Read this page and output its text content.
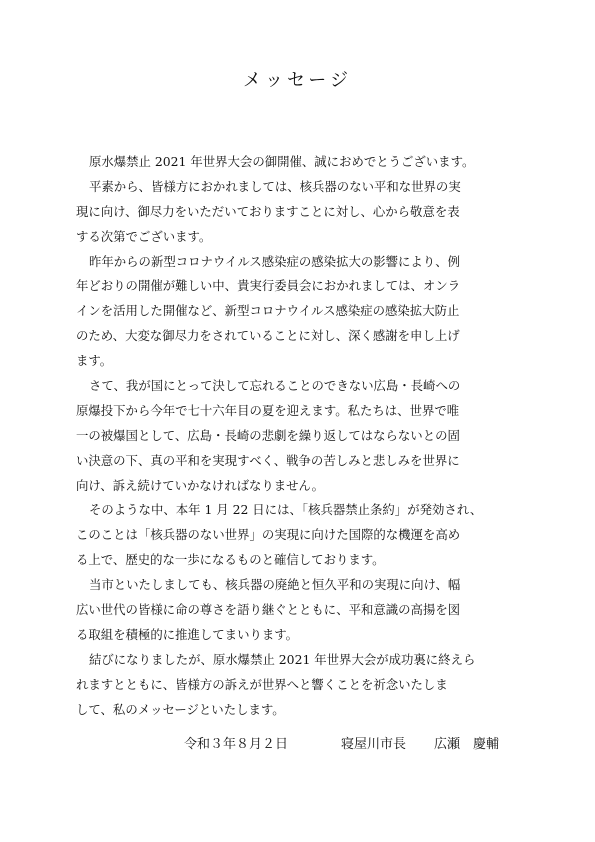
メッセージ
原水爆禁止 2021 年世界大会の御開催、誠におめでとうございます。
平素から、皆様方におかれましては、核兵器のない平和な世界の実
現に向け、御尽力をいただいておりますことに対し、心から敬意を表
する次第でございます。
昨年からの新型コロナウイルス感染症の感染拡大の影響により、例
年どおりの開催が難しい中、貴実行委員会におかれましては、オンラ
インを活用した開催など、新型コロナウイルス感染症の感染拡大防止
のため、大変な御尽力をされていることに対し、深く感謝を申し上げ
ます。
さて、我が国にとって決して忘れることのできない広島・長崎への
原爆投下から今年で七十六年目の夏を迎えます。私たちは、世界で唯
一の被爆国として、広島・長崎の悲劇を繰り返してはならないとの固
い決意の下、真の平和を実現すべく、戦争の苦しみと悲しみを世界に
向け、訴え続けていかなければなりません。
そのような中、本年 1 月 22 日には、「核兵器禁止条約」が発効され、
このことは「核兵器のない世界」の実現に向けた国際的な機運を高め
る上で、歴史的な一歩になるものと確信しております。
当市といたしましても、核兵器の廃絶と恒久平和の実現に向け、幅
広い世代の皆様に命の尊さを語り継ぐとともに、平和意識の高揚を図
る取組を積極的に推進してまいります。
結びになりましたが、原水爆禁止 2021 年世界大会が成功裏に終えら
れますとともに、皆様方の訴えが世界へと響くことを祈念いたしま
して、私のメッセージといたします。
令和３年８月２日	寝屋川市長 広瀬　慶輔
